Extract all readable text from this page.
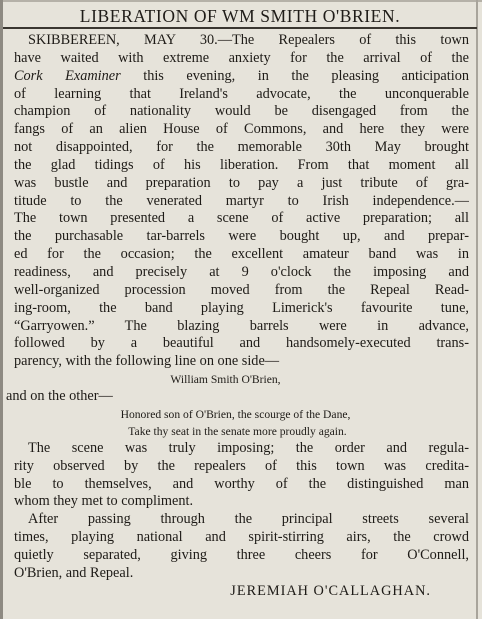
LIBERATION OF WM SMITH O'BRIEN.
SKIBBEREEN, MAY 30.—The Repealers of this town
have waited with extreme anxiety for the arrival of the
Cork Examiner this evening, in the pleasing anticipation
of learning that Ireland's advocate, the unconquerable
champion of nationality would be disengaged from the
fangs of an alien House of Commons, and here they were
not disappointed, for the memorable 30th May brought
the glad tidings of his liberation. From that moment all
was bustle and preparation to pay a just tribute of gra-
titude to the venerated martyr to Irish independence.—
The town presented a scene of active preparation; all
the purchasable tar-barrels were bought up, and prepar-
ed for the occasion; the excellent amateur band was in
readiness, and precisely at 9 o'clock the imposing and
well-organized procession moved from the Repeal Read-
ing-room, the band playing Limerick's favourite tune,
“Garryowen.” The blazing barrels were in advance,
followed by a beautiful and handsomely-executed trans-
parency, with the following line on one side—
William Smith O'Brien,
and on the other—
Honored son of O'Brien, the scourge of the Dane,
Take thy seat in the senate more proudly again.
The scene was truly imposing; the order and regula-
rity observed by the repealers of this town was credita-
ble to themselves, and worthy of the distinguished man
whom they met to compliment.
After passing through the principal streets several
times, playing national and spirit-stirring airs, the crowd
quietly separated, giving three cheers for O'Connell,
O'Brien, and Repeal.
JEREMIAH O'CALLAGHAN.
